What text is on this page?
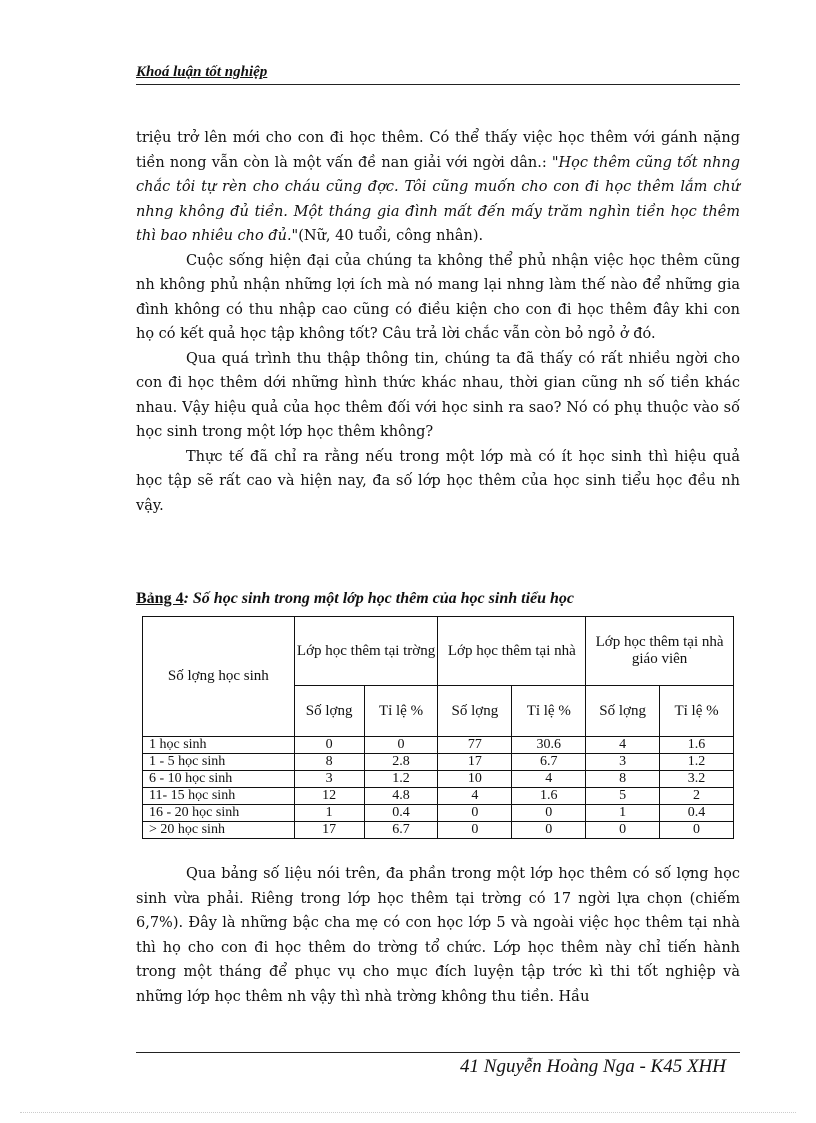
Khoá luận tốt nghiệp

triệu trở lên mới cho con đi học thêm. Có thể thấy việc học thêm với gánh nặng tiền nong vẫn còn là một vấn đề nan giải với ngời dân.: "Học thêm cũng tốt nhng chắc tôi tự rèn cho cháu cũng đợc. Tôi cũng muốn cho con đi học thêm lắm chứ nhng không đủ tiền. Một tháng gia đình mất đến mấy trăm nghìn tiền học thêm thì bao nhiêu cho đủ."(Nữ, 40 tuổi, công nhân).

Cuộc sống hiện đại của chúng ta không thể phủ nhận việc học thêm cũng nh không phủ nhận những lợi ích mà nó mang lại nhng làm thế nào để những gia đình không có thu nhập cao cũng có điều kiện cho con đi học thêm đây khi con họ có kết quả học tập không tốt? Câu trả lời chắc vẫn còn bỏ ngỏ ở đó.

Qua quá trình thu thập thông tin, chúng ta đã thấy có rất nhiều ngời cho con đi học thêm dới những hình thức khác nhau, thời gian cũng nh số tiền khác nhau. Vậy hiệu quả của học thêm đối với học sinh ra sao? Nó có phụ thuộc vào số học sinh trong một lớp học thêm không?

Thực tế đã chỉ ra rằng nếu trong một lớp mà có ít học sinh thì hiệu quả học tập sẽ rất cao và hiện nay, đa số lớp học thêm của học sinh tiểu học đều nh vậy.

Bảng 4: Số học sinh trong một lớp học thêm của học sinh tiểu học
Số lợng học sinh	Lớp học thêm tại trờng		Lớp học thêm tại nhà		Lớp học thêm tại nhà giáo viên	
	Số lợng	Tỉ lệ %	Số lợng	Tỉ lệ %	Số lợng	Tỉ lệ %
1 học sinh	0	0	77	30.6	4	1.6
1 - 5 học sinh	8	2.8	17	6.7	3	1.2
6 - 10 học sinh	3	1.2	10	4	8	3.2
11- 15 học sinh	12	4.8	4	1.6	5	2
16 - 20 học sinh	1	0.4	0	0	1	0.4
> 20 học sinh	17	6.7	0	0	0	0

Qua bảng số liệu nói trên, đa phần trong một lớp học thêm có số lợng học sinh vừa phải. Riêng trong lớp học thêm tại trờng có 17 ngời lựa chọn (chiếm 6,7%). Đây là những bậc cha mẹ có con học lớp 5 và ngoài việc học thêm tại nhà thì họ cho con đi học thêm do trờng tổ chức. Lớp học thêm này chỉ tiến hành trong một tháng để phục vụ cho mục đích luyện tập trớc kì thi tốt nghiệp và những lớp học thêm nh vậy thì nhà trờng không thu tiền. Hầu

41 Nguyễn Hoàng Nga - K45 XHH
